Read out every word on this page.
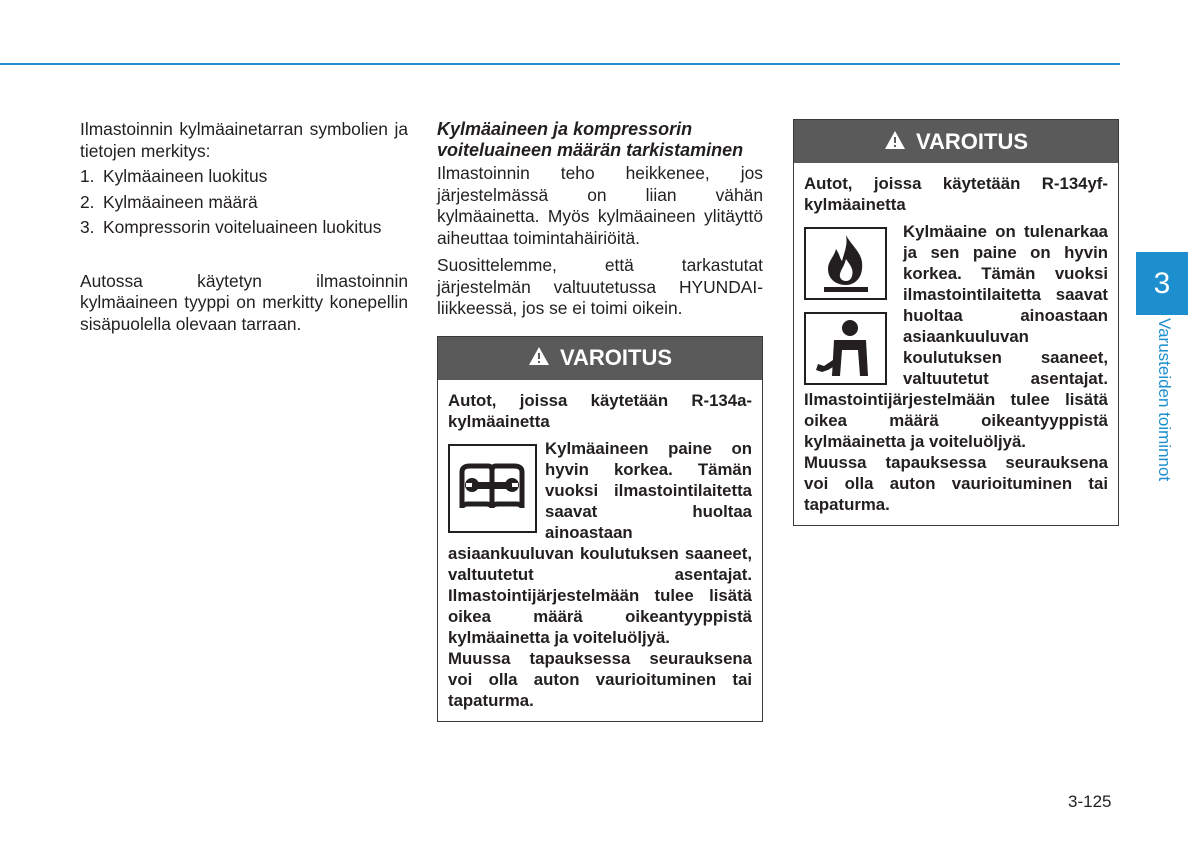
Ilmastoinnin kylmäainetarran symbolien ja tietojen merkitys:

1. Kylmäaineen luokitus
2. Kylmäaineen määrä
3. Kompressorin voiteluaineen luokitus

Autossa käytetyn ilmastoinnin kylmäaineen tyyppi on merkitty konepellin sisäpuolella olevaan tarraan.

Kylmäaineen ja kompressorin voiteluaineen määrän tarkistaminen

Ilmastoinnin teho heikkenee, jos järjestelmässä on liian vähän kylmäainetta. Myös kylmäaineen ylitäyttö aiheuttaa toimintahäiriöitä.

Suosittelemme, että tarkastutat järjestelmän valtuutetussa HYUNDAI-liikkeessä, jos se ei toimi oikein.

VAROITUS

Autot, joissa käytetään R-134a-kylmäainetta

Kylmäaineen paine on hyvin korkea. Tämän vuoksi ilmastointilaitetta saavat huoltaa ainoastaan asiaankuuluvan koulutuksen saaneet, valtuutetut asentajat. Ilmastointijärjestelmään tulee lisätä oikea määrä oikeantyyppistä kylmäainetta ja voiteluöljyä.

Muussa tapauksessa seurauksena voi olla auton vaurioituminen tai tapaturma.

VAROITUS

Autot, joissa käytetään R-134yf-kylmäainetta

Kylmäaine on tulenarkaa ja sen paine on hyvin korkea. Tämän vuoksi ilmastointilaitetta saavat huoltaa ainoastaan asiaankuuluvan koulutuksen saaneet, valtuutetut asentajat. Ilmastointijärjestelmään tulee lisätä oikea määrä oikeantyyppistä kylmäainetta ja voiteluöljyä.

Muussa tapauksessa seurauksena voi olla auton vaurioituminen tai tapaturma.

3
Varusteiden toiminnot
3-125
